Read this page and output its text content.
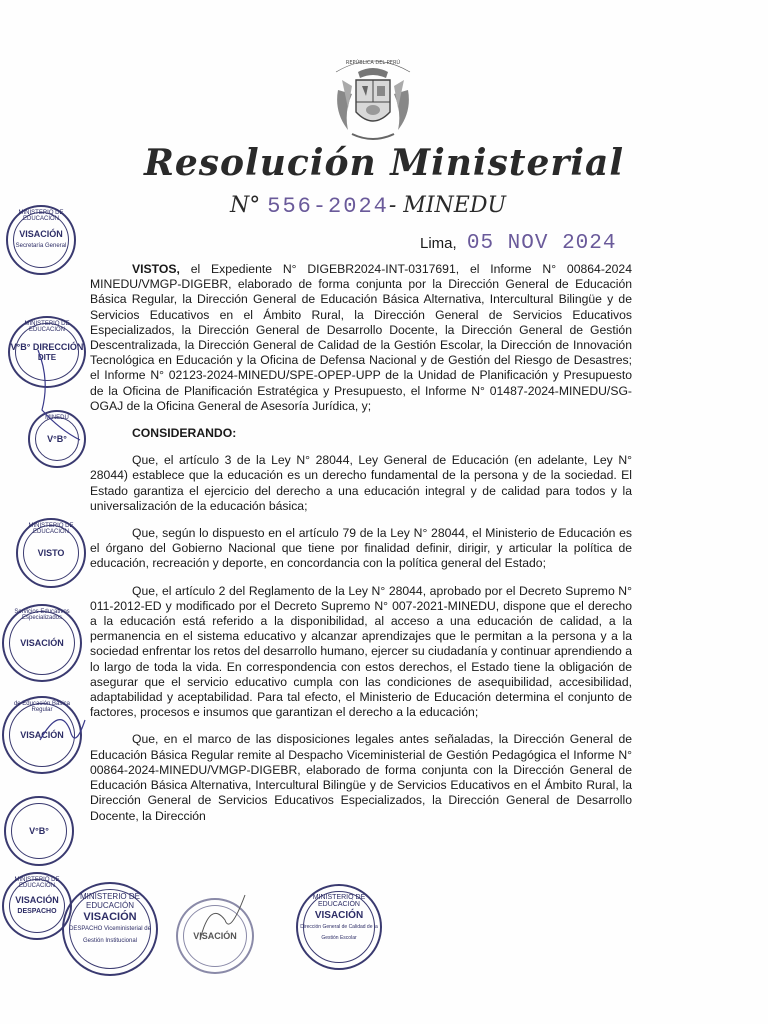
REPÚBLICA DEL PERÚ
Resolución Ministerial
N° 556-2024- MINEDU
Lima, 05 NOV 2024

VISTOS, el Expediente N° DIGEBR2024-INT-0317691, el Informe N° 00864-2024 MINEDU/VMGP-DIGEBR, elaborado de forma conjunta por la Dirección General de Educación Básica Regular, la Dirección General de Educación Básica Alternativa, Intercultural Bilingüe y de Servicios Educativos en el Ámbito Rural, la Dirección General de Servicios Educativos Especializados, la Dirección General de Desarrollo Docente, la Dirección General de Gestión Descentralizada, la Dirección General de Calidad de la Gestión Escolar, la Dirección de Innovación Tecnológica en Educación y la Oficina de Defensa Nacional y de Gestión del Riesgo de Desastres; el Informe N° 02123-2024-MINEDU/SPE-OPEP-UPP de la Unidad de Planificación y Presupuesto de la Oficina de Planificación Estratégica y Presupuesto, el Informe N° 01487-2024-MINEDU/SG-OGAJ de la Oficina General de Asesoría Jurídica, y;

CONSIDERANDO:

Que, el artículo 3 de la Ley N° 28044, Ley General de Educación (en adelante, Ley N° 28044) establece que la educación es un derecho fundamental de la persona y de la sociedad. El Estado garantiza el ejercicio del derecho a una educación integral y de calidad para todos y la universalización de la educación básica;

Que, según lo dispuesto en el artículo 79 de la Ley N° 28044, el Ministerio de Educación es el órgano del Gobierno Nacional que tiene por finalidad definir, dirigir, y articular la política de educación, recreación y deporte, en concordancia con la política general del Estado;

Que, el artículo 2 del Reglamento de la Ley N° 28044, aprobado por el Decreto Supremo N° 011-2012-ED y modificado por el Decreto Supremo N° 007-2021-MINEDU, dispone que el derecho a la educación está referido a la disponibilidad, al acceso a una educación de calidad, a la permanencia en el sistema educativo y alcanzar aprendizajes que le permitan a la persona y a la sociedad enfrentar los retos del desarrollo humano, ejercer su ciudadanía y continuar aprendiendo a lo largo de toda la vida. En correspondencia con estos derechos, el Estado tiene la obligación de asegurar que el servicio educativo cumpla con las condiciones de asequibilidad, accesibilidad, adaptabilidad y aceptabilidad. Para tal efecto, el Ministerio de Educación determina el conjunto de factores, procesos e insumos que garantizan el derecho a la educación;

Que, en el marco de las disposiciones legales antes señaladas, la Dirección General de Educación Básica Regular remite al Despacho Viceministerial de Gestión Pedagógica el Informe N° 00864-2024-MINEDU/VMGP-DIGEBR, elaborado de forma conjunta con la Dirección General de Educación Básica Alternativa, Intercultural Bilingüe y de Servicios Educativos en el Ámbito Rural, la Dirección General de Servicios Educativos Especializados, la Dirección General de Desarrollo Docente, la Dirección

MINISTERIO DE EDUCACIÓN
VISACIÓN
Secretaría General
MINISTERIO DE EDUCACIÓN
V°B° DIRECCIÓN
DITE
MINEDU
V°B°
MINISTERIO DE EDUCACIÓN
VISTO
Servicios Educativos Especializados
VISACIÓN
de Educación Básica Regular
VISACIÓN
V°B°
MINISTERIO DE EDUCACIÓN
VISACIÓN
DESPACHO
MINISTERIO DE EDUCACIÓN
VISACIÓN
DESPACHO Viceministerial de Gestión Institucional	VISACIÓN
MINISTERIO DE EDUCACIÓN
VISACIÓN
Dirección General de Calidad de la Gestión Escolar
